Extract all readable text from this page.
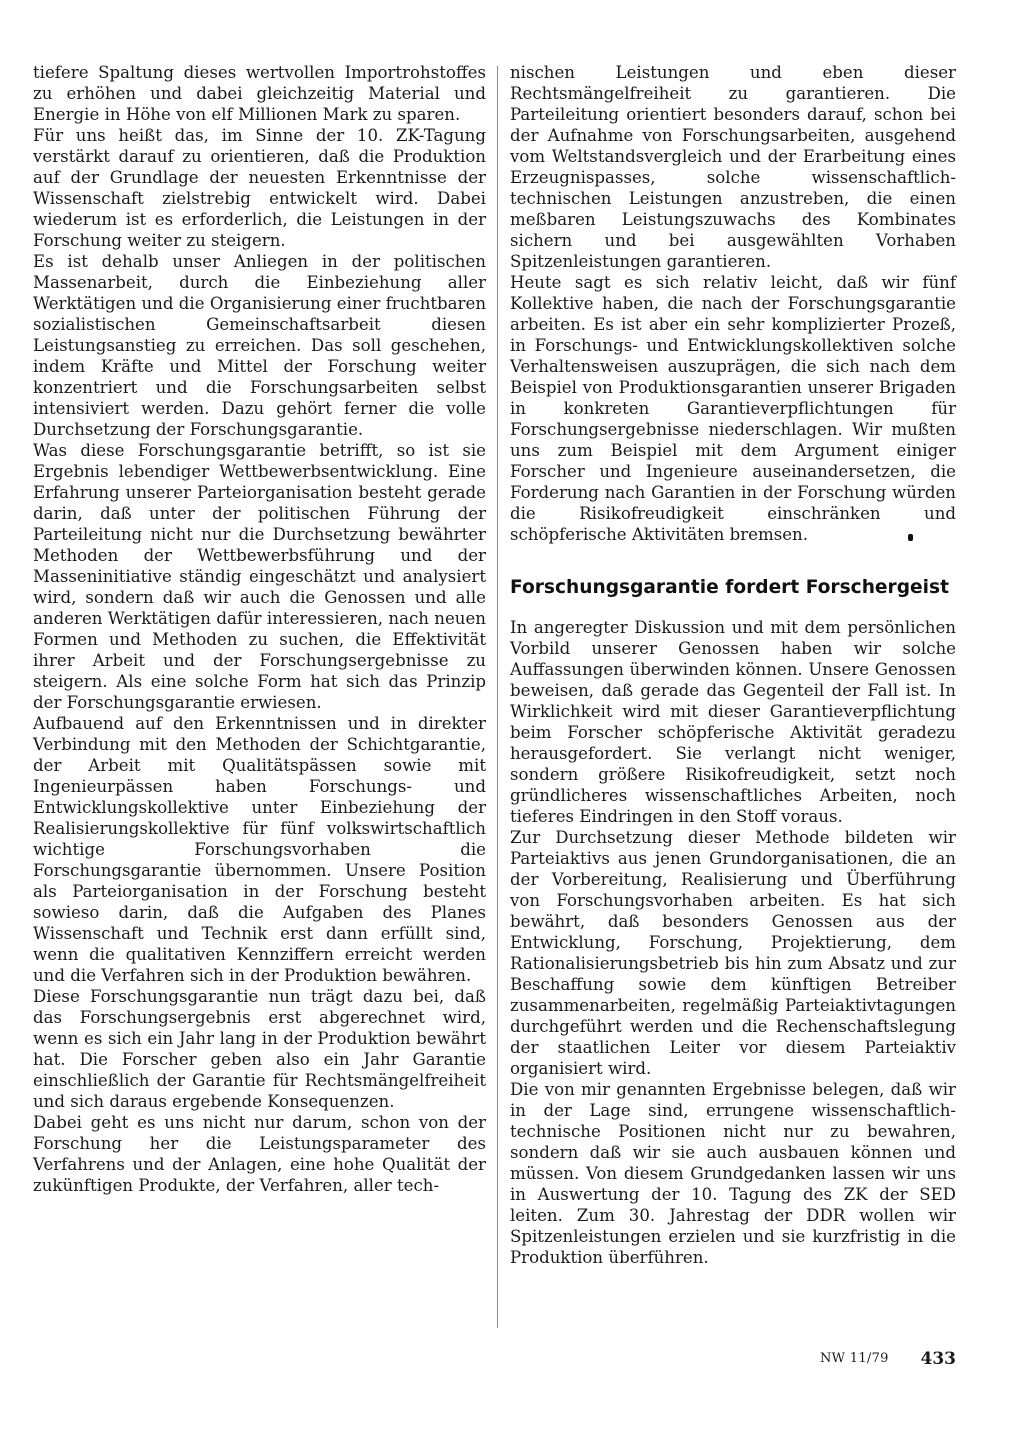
tiefere Spaltung dieses wertvollen Importrohstoffes zu erhöhen und dabei gleichzeitig Material und Energie in Höhe von elf Millionen Mark zu sparen.

Für uns heißt das, im Sinne der 10. ZK-Tagung verstärkt darauf zu orientieren, daß die Produktion auf der Grundlage der neuesten Erkenntnisse der Wissenschaft zielstrebig entwickelt wird. Dabei wiederum ist es erforderlich, die Leistungen in der Forschung weiter zu steigern.

Es ist dehalb unser Anliegen in der politischen Massenarbeit, durch die Einbeziehung aller Werktätigen und die Organisierung einer fruchtbaren sozialistischen Gemeinschaftsarbeit diesen Leistungsanstieg zu erreichen. Das soll geschehen, indem Kräfte und Mittel der Forschung weiter konzentriert und die Forschungsarbeiten selbst intensiviert werden. Dazu gehört ferner die volle Durchsetzung der Forschungsgarantie.

Was diese Forschungsgarantie betrifft, so ist sie Ergebnis lebendiger Wettbewerbsentwicklung. Eine Erfahrung unserer Parteiorganisation besteht gerade darin, daß unter der politischen Führung der Parteileitung nicht nur die Durchsetzung bewährter Methoden der Wettbewerbsführung und der Masseninitiative ständig eingeschätzt und analysiert wird, sondern daß wir auch die Genossen und alle anderen Werktätigen dafür interessieren, nach neuen Formen und Methoden zu suchen, die Effektivität ihrer Arbeit und der Forschungsergebnisse zu steigern. Als eine solche Form hat sich das Prinzip der Forschungsgarantie erwiesen.

Aufbauend auf den Erkenntnissen und in direkter Verbindung mit den Methoden der Schichtgarantie, der Arbeit mit Qualitätspässen sowie mit Ingenieurpässen haben Forschungs- und Entwicklungskollektive unter Einbeziehung der Realisierungskollektive für fünf volkswirtschaftlich wichtige Forschungsvorhaben die Forschungsgarantie übernommen. Unsere Position als Parteiorganisation in der Forschung besteht sowieso darin, daß die Aufgaben des Planes Wissenschaft und Technik erst dann erfüllt sind, wenn die qualitativen Kennziffern erreicht werden und die Verfahren sich in der Produktion bewähren.

Diese Forschungsgarantie nun trägt dazu bei, daß das Forschungsergebnis erst abgerechnet wird, wenn es sich ein Jahr lang in der Produktion bewährt hat. Die Forscher geben also ein Jahr Garantie einschließlich der Garantie für Rechtsmängelfreiheit und sich daraus ergebende Konsequenzen.

Dabei geht es uns nicht nur darum, schon von der Forschung her die Leistungsparameter des Verfahrens und der Anlagen, eine hohe Qualität der zukünftigen Produkte, der Verfahren, aller tech-

nischen Leistungen und eben dieser Rechtsmängelfreiheit zu garantieren. Die Parteileitung orientiert besonders darauf, schon bei der Aufnahme von Forschungsarbeiten, ausgehend vom Weltstandsvergleich und der Erarbeitung eines Erzeugnispasses, solche wissenschaftlich-technischen Leistungen anzustreben, die einen meßbaren Leistungszuwachs des Kombinates sichern und bei ausgewählten Vorhaben Spitzenleistungen garantieren.

Heute sagt es sich relativ leicht, daß wir fünf Kollektive haben, die nach der Forschungsgarantie arbeiten. Es ist aber ein sehr komplizierter Prozeß, in Forschungs- und Entwicklungskollektiven solche Verhaltensweisen auszuprägen, die sich nach dem Beispiel von Produktionsgarantien unserer Brigaden in konkreten Garantieverpflichtungen für Forschungsergebnisse niederschlagen. Wir mußten uns zum Beispiel mit dem Argument einiger Forscher und Ingenieure auseinandersetzen, die Forderung nach Garantien in der Forschung würden die Risikofreudigkeit einschränken und schöpferische Aktivitäten bremsen.

Forschungsgarantie fordert Forschergeist

In angeregter Diskussion und mit dem persönlichen Vorbild unserer Genossen haben wir solche Auffassungen überwinden können. Unsere Genossen beweisen, daß gerade das Gegenteil der Fall ist. In Wirklichkeit wird mit dieser Garantieverpflichtung beim Forscher schöpferische Aktivität geradezu herausgefordert. Sie verlangt nicht weniger, sondern größere Risikofreudigkeit, setzt noch gründlicheres wissenschaftliches Arbeiten, noch tieferes Eindringen in den Stoff voraus.

Zur Durchsetzung dieser Methode bildeten wir Parteiaktivs aus jenen Grundorganisationen, die an der Vorbereitung, Realisierung und Überführung von Forschungsvorhaben arbeiten. Es hat sich bewährt, daß besonders Genossen aus der Entwicklung, Forschung, Projektierung, dem Rationalisierungsbetrieb bis hin zum Absatz und zur Beschaffung sowie dem künftigen Betreiber zusammenarbeiten, regelmäßig Parteiaktivtagungen durchgeführt werden und die Rechenschaftslegung der staatlichen Leiter vor diesem Parteiaktiv organisiert wird.

Die von mir genannten Ergebnisse belegen, daß wir in der Lage sind, errungene wissenschaftlich-technische Positionen nicht nur zu bewahren, sondern daß wir sie auch ausbauen können und müssen. Von diesem Grundgedanken lassen wir uns in Auswertung der 10. Tagung des ZK der SED leiten. Zum 30. Jahrestag der DDR wollen wir Spitzenleistungen erzielen und sie kurzfristig in die Produktion überführen.

NW 11/79 433
